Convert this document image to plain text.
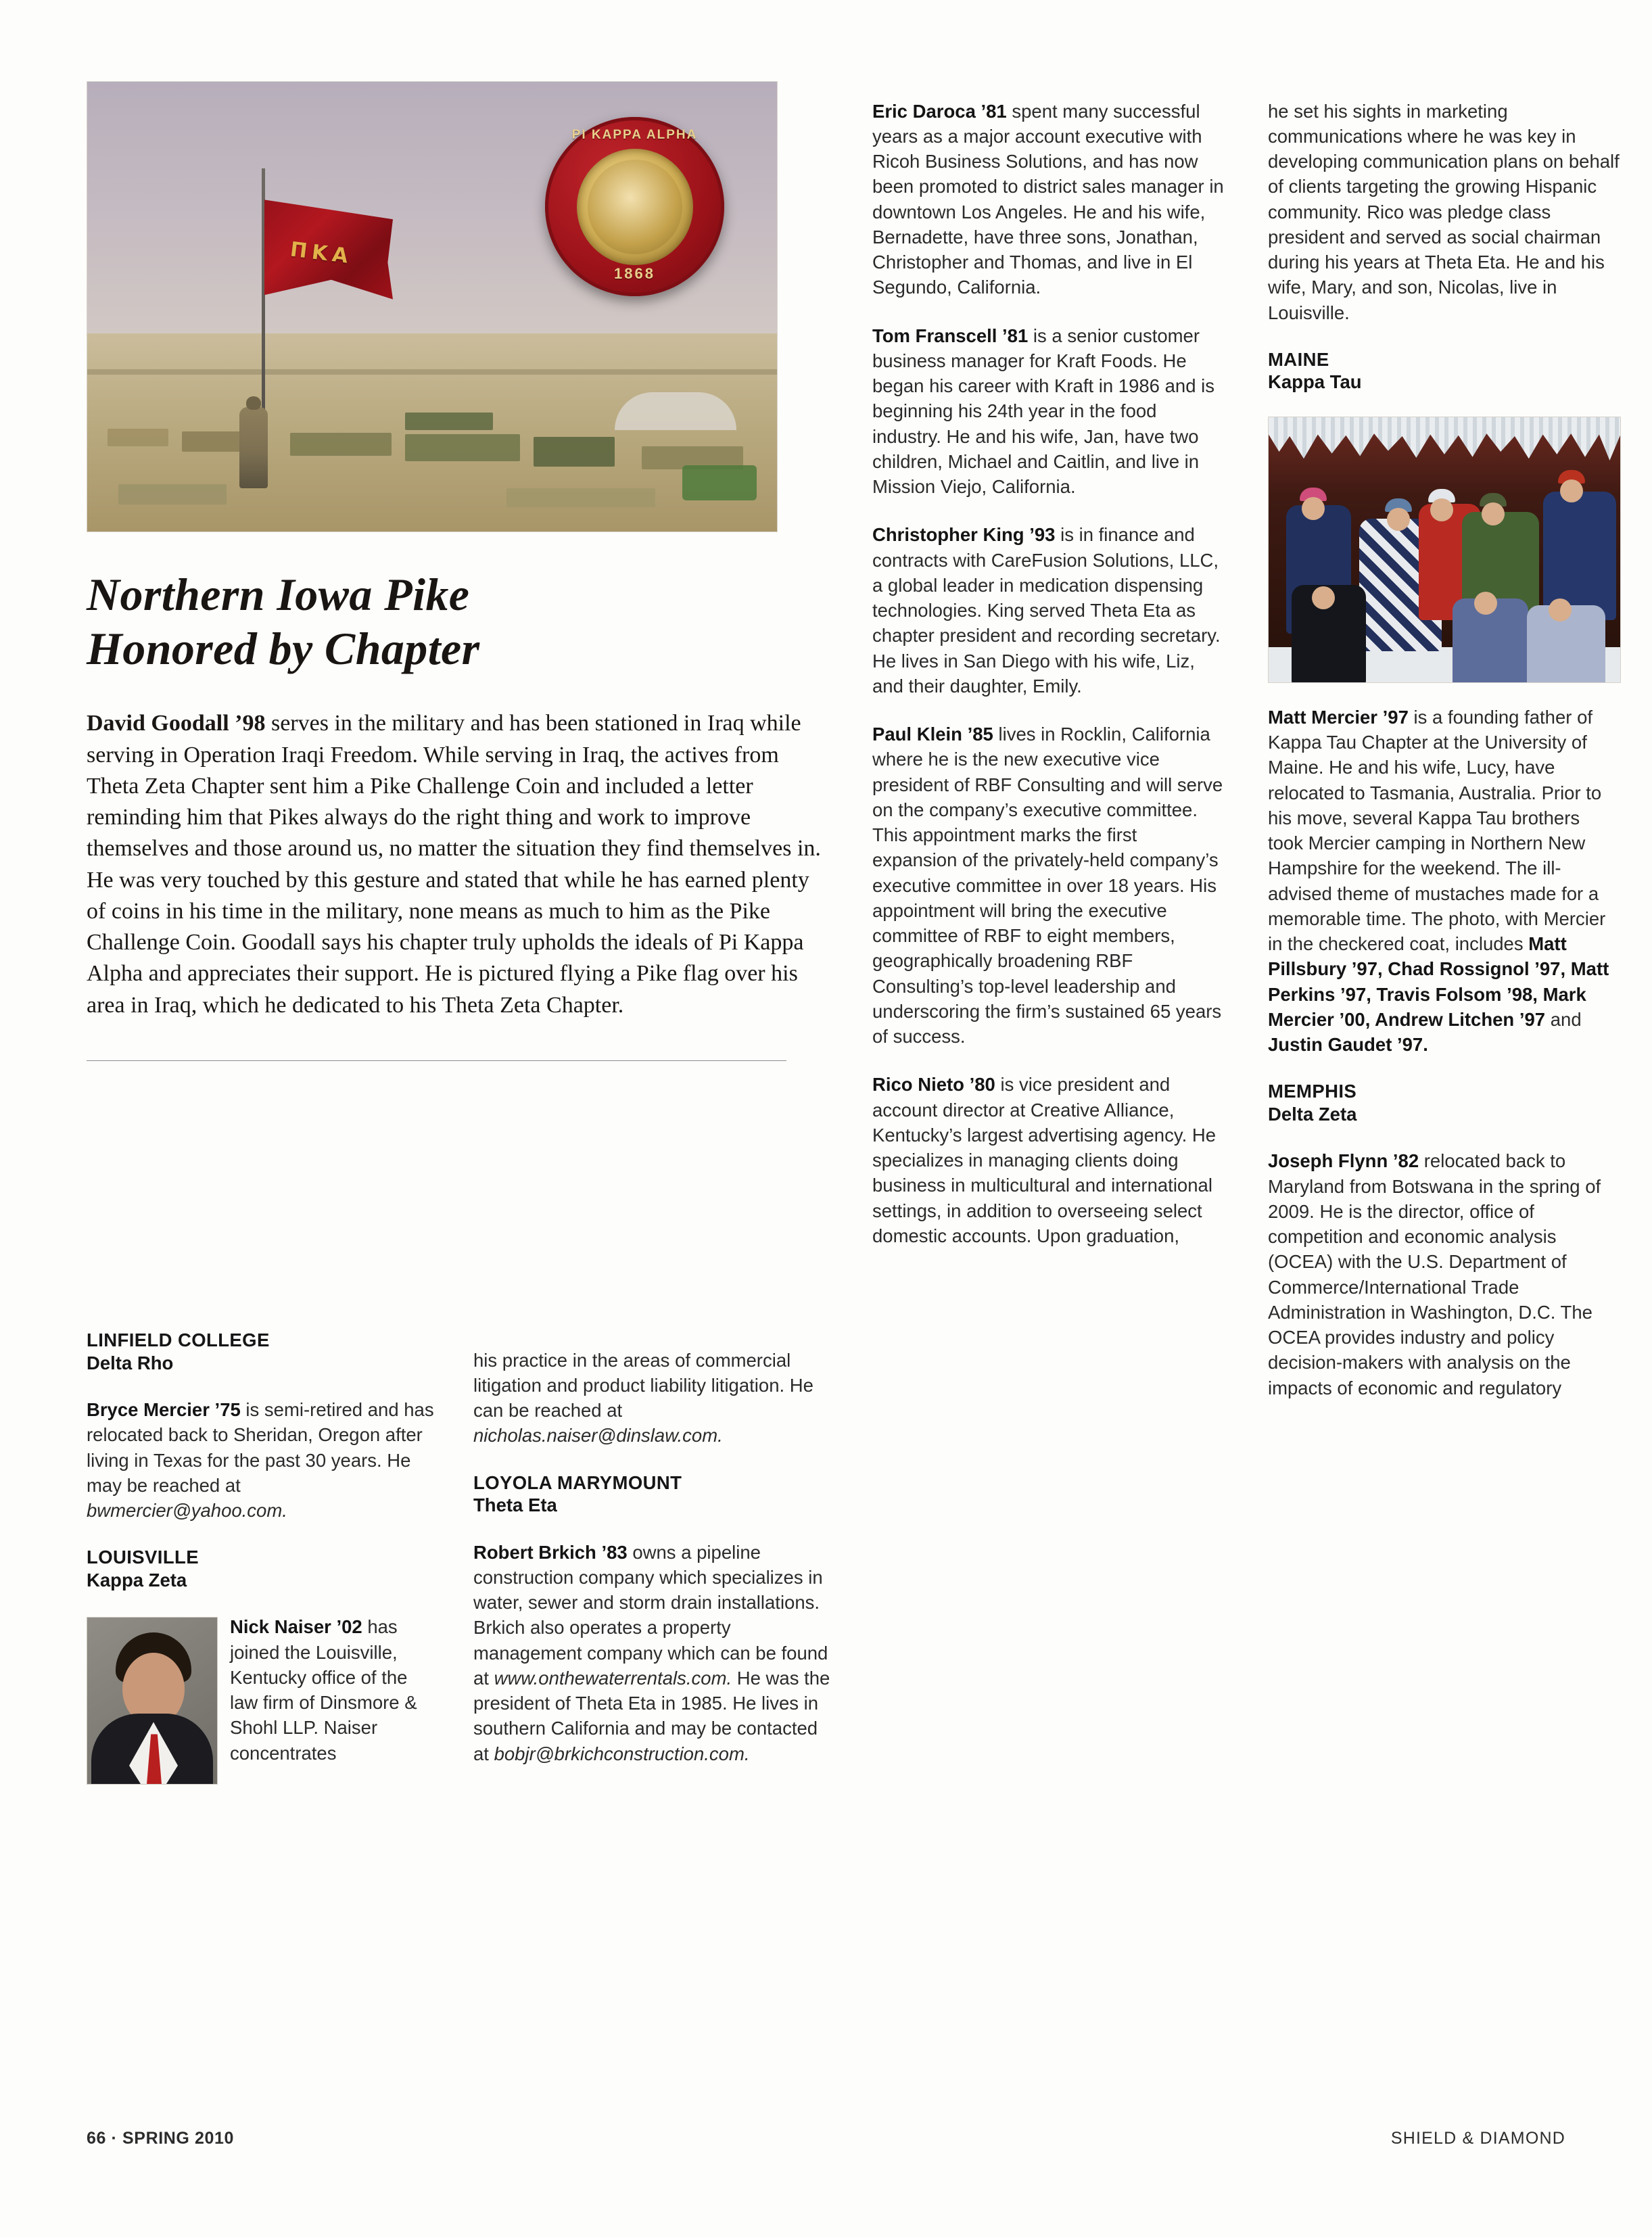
ΠΚΑ
PI KAPPA ALPHA
1868
Northern Iowa Pike
Honored by Chapter

David Goodall ’98 serves in the military and has been stationed in Iraq while serving in Operation Iraqi Freedom. While serving in Iraq, the actives from Theta Zeta Chapter sent him a Pike Challenge Coin and included a letter reminding him that Pikes always do the right thing and work to improve themselves and those around us, no matter the situation they find themselves in. He was very touched by this gesture and stated that while he has earned plenty of coins in his time in the military, none means as much to him as the Pike Challenge Coin. Goodall says his chapter truly upholds the ideals of Pi Kappa Alpha and appreciates their support. He is pictured flying a Pike flag over his area in Iraq, which he dedicated to his Theta Zeta Chapter.

LINFIELD COLLEGE
Delta Rho

Bryce Mercier ’75 is semi-retired and has relocated back to Sheridan, Oregon after living in Texas for the past 30 years. He may be reached at bwmercier@yahoo.com.

LOUISVILLE
Kappa Zeta
Nick Naiser ’02 has joined the Louisville, Kentucky office of the law firm of Dinsmore & Shohl LLP. Naiser concentrates

his practice in the areas of commercial litigation and product liability litigation. He can be reached at nicholas.naiser@dinslaw.com.

LOYOLA MARYMOUNT
Theta Eta

Robert Brkich ’83 owns a pipeline construction company which specializes in water, sewer and storm drain installations. Brkich also operates a property management company which can be found at www.onthewaterrentals.com. He was the president of Theta Eta in 1985. He lives in southern California and may be contacted at bobjr@brkichconstruction.com.

Eric Daroca ’81 spent many successful years as a major account executive with Ricoh Business Solutions, and has now been promoted to district sales manager in downtown Los Angeles. He and his wife, Bernadette, have three sons, Jonathan, Christopher and Thomas, and live in El Segundo, California.

Tom Franscell ’81 is a senior customer business manager for Kraft Foods. He began his career with Kraft in 1986 and is beginning his 24th year in the food industry. He and his wife, Jan, have two children, Michael and Caitlin, and live in Mission Viejo, California.

Christopher King ’93 is in finance and contracts with CareFusion Solutions, LLC, a global leader in medication dispensing technologies. King served Theta Eta as chapter president and recording secretary. He lives in San Diego with his wife, Liz, and their daughter, Emily.

Paul Klein ’85 lives in Rocklin, California where he is the new executive vice president of RBF Consulting and will serve on the company’s executive committee. This appointment marks the first expansion of the privately-held company’s executive committee in over 18 years. His appointment will bring the executive committee of RBF to eight members, geographically broadening RBF Consulting’s top-level leadership and underscoring the firm’s sustained 65 years of success.

Rico Nieto ’80 is vice president and account director at Creative Alliance, Kentucky’s largest advertising agency. He specializes in managing clients doing business in multicultural and international settings, in addition to overseeing select domestic accounts. Upon graduation,

he set his sights in marketing communications where he was key in developing communication plans on behalf of clients targeting the growing Hispanic community. Rico was pledge class president and served as social chairman during his years at Theta Eta. He and his wife, Mary, and son, Nicolas, live in Louisville.

MAINE
Kappa Tau

Matt Mercier ’97 is a founding father of Kappa Tau Chapter at the University of Maine. He and his wife, Lucy, have relocated to Tasmania, Australia. Prior to his move, several Kappa Tau brothers took Mercier camping in Northern New Hampshire for the weekend. The ill-advised theme of mustaches made for a memorable time. The photo, with Mercier in the checkered coat, includes Matt Pillsbury ’97, Chad Rossignol ’97, Matt Perkins ’97, Travis Folsom ’98, Mark Mercier ’00, Andrew Litchen ’97 and Justin Gaudet ’97.

MEMPHIS
Delta Zeta

Joseph Flynn ’82 relocated back to Maryland from Botswana in the spring of 2009. He is the director, office of competition and economic analysis (OCEA) with the U.S. Department of Commerce/International Trade Administration in Washington, D.C. The OCEA provides industry and policy decision-makers with analysis on the impacts of economic and regulatory

66 · SPRING 2010	SHIELD & DIAMOND
